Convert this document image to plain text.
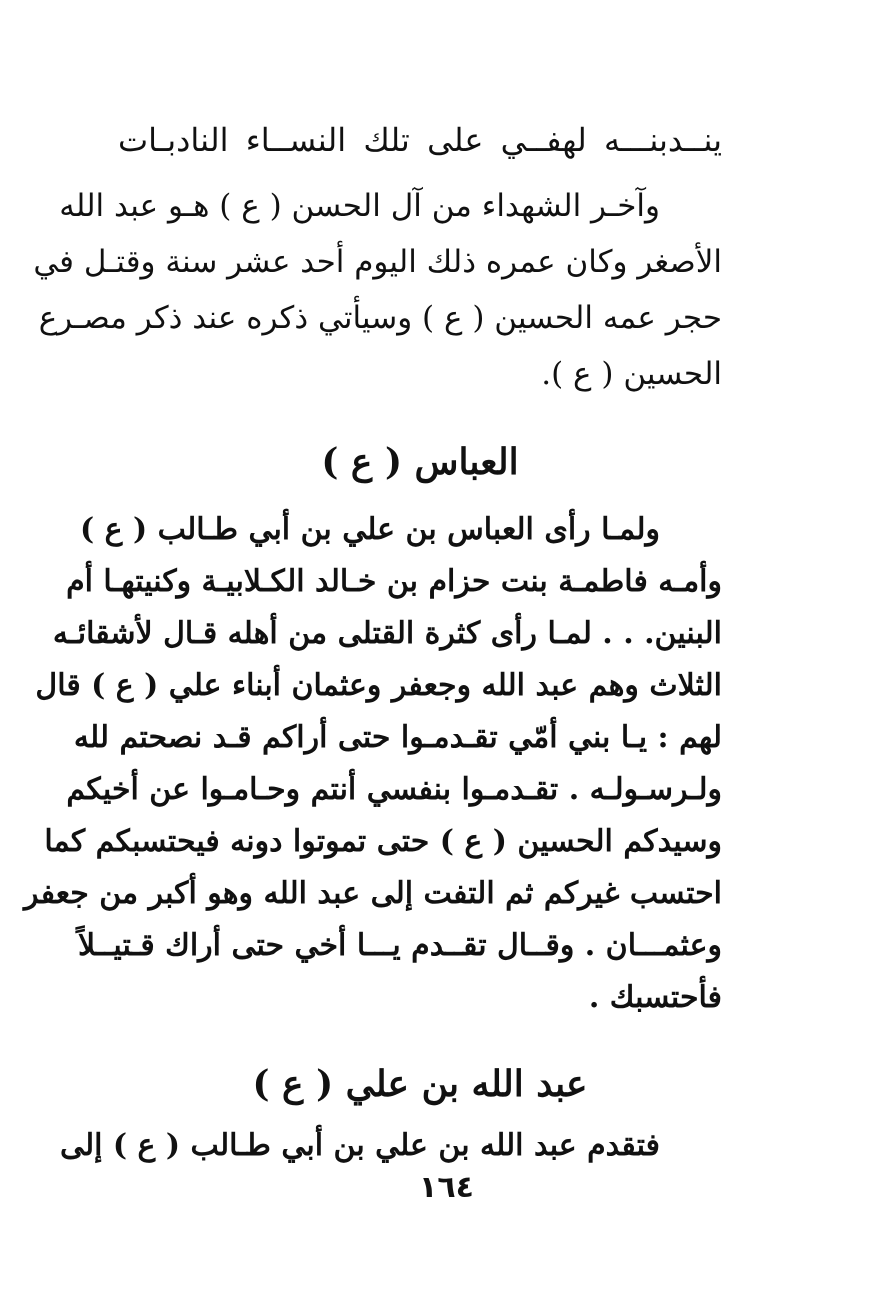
ينــدبنـــه لهفــي على تلك النســاء النادبـات
وآخـر الشهداء من آل الحسن ( ع ) هـو عبد الله
الأصغر وكان عمره ذلك اليوم أحد عشر سنة وقتـل في
حجر عمه الحسين ( ع ) وسيأتي ذكره عند ذكر مصـرع
الحسين ( ع ).
العباس ( ع )
ولمـا رأى العباس بن علي بن أبي طـالب ( ع )
وأمـه فاطمـة بنت حزام بن خـالد الكـلابيـة وكنيتهـا أم
البنين. . . لمـا رأى كثرة القتلى من أهله قـال لأشقائـه
الثلاث وهم عبد الله وجعفر وعثمان أبناء علي ( ع ) قال
لهم : يـا بني أمّي تقـدمـوا حتى أراكم قـد نصحتم لله
ولـرسـولـه . تقـدمـوا بنفسي أنتم وحـامـوا عن أخيكم
وسيدكم الحسين ( ع ) حتى تموتوا دونه فيحتسبكم كما
احتسب غيركم ثم التفت إلى عبد الله وهو أكبر من جعفر
وعثمـــان . وقــال تقــدم يـــا أخي حتى أراك قـتيــلاً
فأحتسبك .
عبد الله بن علي ( ع )
فتقدم عبد الله بن علي بن أبي طـالب ( ع ) إلى
١٦٤
